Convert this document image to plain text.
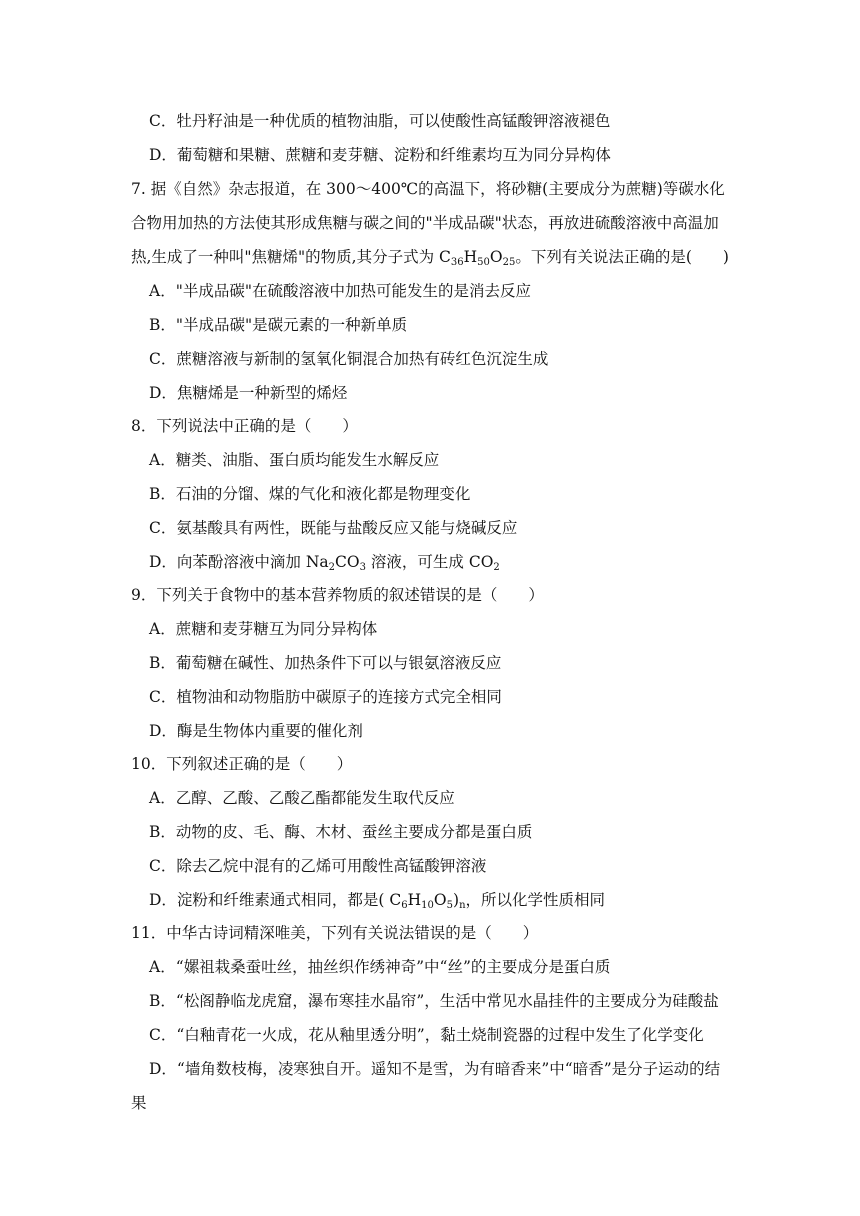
C．牡丹籽油是一种优质的植物油脂，可以使酸性高锰酸钾溶液褪色
D．葡萄糖和果糖、蔗糖和麦芽糖、淀粉和纤维素均互为同分异构体
7. 据《自然》杂志报道，在 300～400℃的高温下，将砂糖(主要成分为蔗糖)等碳水化
合物用加热的方法使其形成焦糖与碳之间的"半成品碳"状态，再放进硫酸溶液中高温加
热,生成了一种叫"焦糖烯"的物质,其分子式为 $C_{36}H_{50}O_{25}$。下列有关说法正确的是(　　)
A．"半成品碳"在硫酸溶液中加热可能发生的是消去反应
B．"半成品碳"是碳元素的一种新单质
C．蔗糖溶液与新制的氢氧化铜混合加热有砖红色沉淀生成
D．焦糖烯是一种新型的烯烃
8．下列说法中正确的是（　　）
A．糖类、油脂、蛋白质均能发生水解反应
B．石油的分馏、煤的气化和液化都是物理变化
C．氨基酸具有两性，既能与盐酸反应又能与烧碱反应
D．向苯酚溶液中滴加 $Na_2CO_3$ 溶液，可生成 $CO_2$
9．下列关于食物中的基本营养物质的叙述错误的是（　　）
A．蔗糖和麦芽糖互为同分异构体
B．葡萄糖在碱性、加热条件下可以与银氨溶液反应
C．植物油和动物脂肪中碳原子的连接方式完全相同
D．酶是生物体内重要的催化剂
10．下列叙述正确的是（　　）
A．乙醇、乙酸、乙酸乙酯都能发生取代反应
B．动物的皮、毛、酶、木材、蚕丝主要成分都是蛋白质
C．除去乙烷中混有的乙烯可用酸性高锰酸钾溶液
D．淀粉和纤维素通式相同，都是( $C_6H_{10}O_5)_n$，所以化学性质相同
11．中华古诗词精深唯美，下列有关说法错误的是（　　）
A．“嫘祖栽桑蚕吐丝，抽丝织作绣神奇”中“丝”的主要成分是蛋白质
B．“松阁静临龙虎窟，瀑布寒挂水晶帘”，生活中常见水晶挂件的主要成分为硅酸盐
C．“白釉青花一火成，花从釉里透分明”，黏土烧制瓷器的过程中发生了化学变化
D．“墙角数枝梅，凌寒独自开。遥知不是雪，为有暗香来”中“暗香”是分子运动的结
果
